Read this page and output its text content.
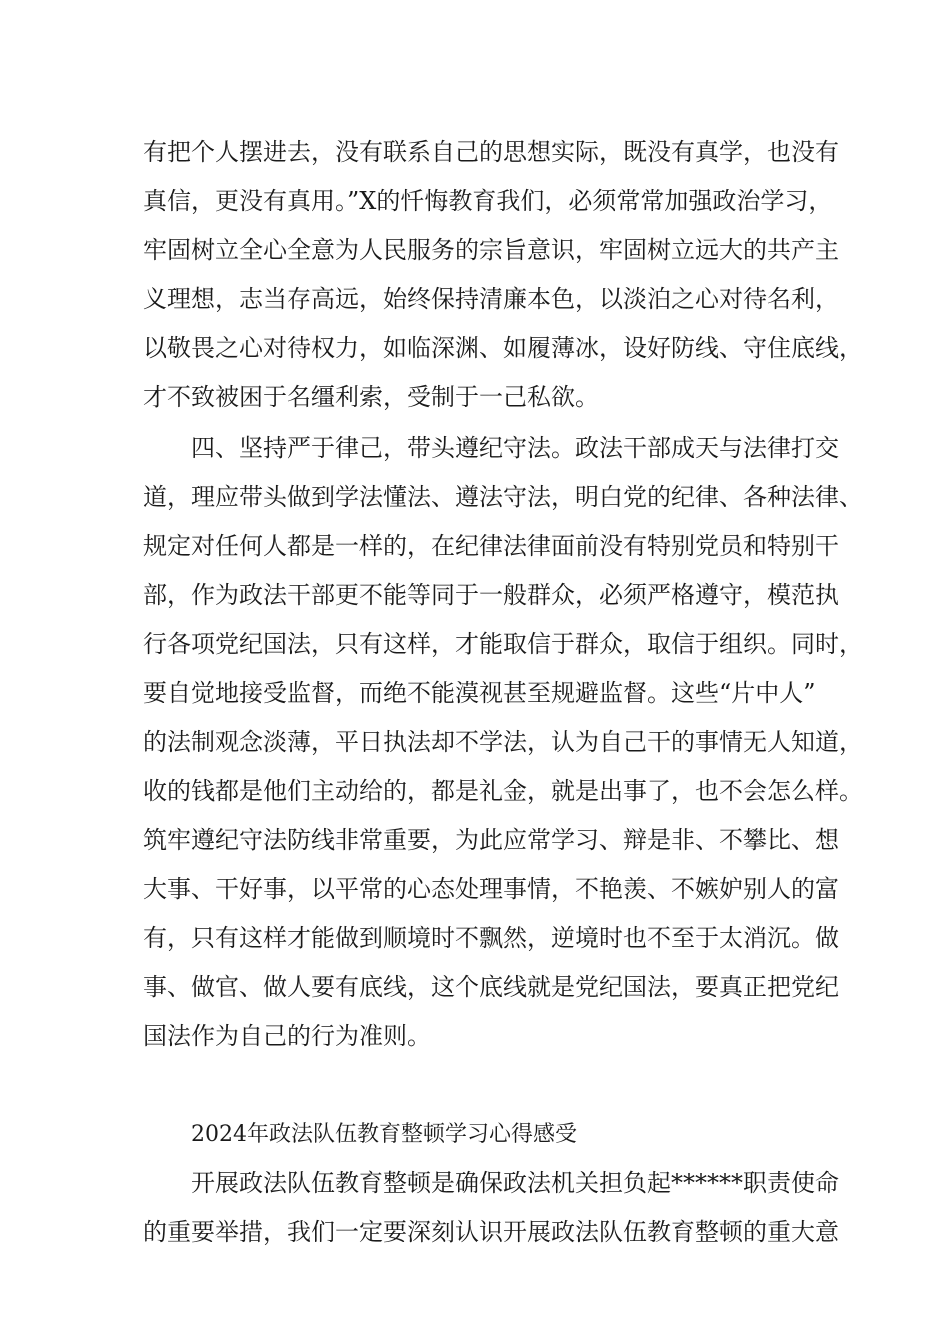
有把个人摆进去，没有联系自己的思想实际，既没有真学，也没有
真信，更没有真用。”X的忏悔教育我们，必须常常加强政治学习，
牢固树立全心全意为人民服务的宗旨意识，牢固树立远大的共产主
义理想，志当存高远，始终保持清廉本色，以淡泊之心对待名利，
以敬畏之心对待权力，如临深渊、如履薄冰，设好防线、守住底线，
才不致被困于名缰利索，受制于一己私欲。
四、坚持严于律己，带头遵纪守法。政法干部成天与法律打交
道，理应带头做到学法懂法、遵法守法，明白党的纪律、各种法律、
规定对任何人都是一样的，在纪律法律面前没有特别党员和特别干
部，作为政法干部更不能等同于一般群众，必须严格遵守，模范执
行各项党纪国法，只有这样，才能取信于群众，取信于组织。同时，
要自觉地接受监督，而绝不能漠视甚至规避监督。这些“片中人”
的法制观念淡薄，平日执法却不学法，认为自己干的事情无人知道，
收的钱都是他们主动给的，都是礼金，就是出事了，也不会怎么样。
筑牢遵纪守法防线非常重要，为此应常学习、辩是非、不攀比、想
大事、干好事，以平常的心态处理事情，不艳羡、不嫉妒别人的富
有，只有这样才能做到顺境时不飘然，逆境时也不至于太消沉。做
事、做官、做人要有底线，这个底线就是党纪国法，要真正把党纪
国法作为自己的行为准则。
2024年政法队伍教育整顿学习心得感受
开展政法队伍教育整顿是确保政法机关担负起******职责使命
的重要举措，我们一定要深刻认识开展政法队伍教育整顿的重大意
